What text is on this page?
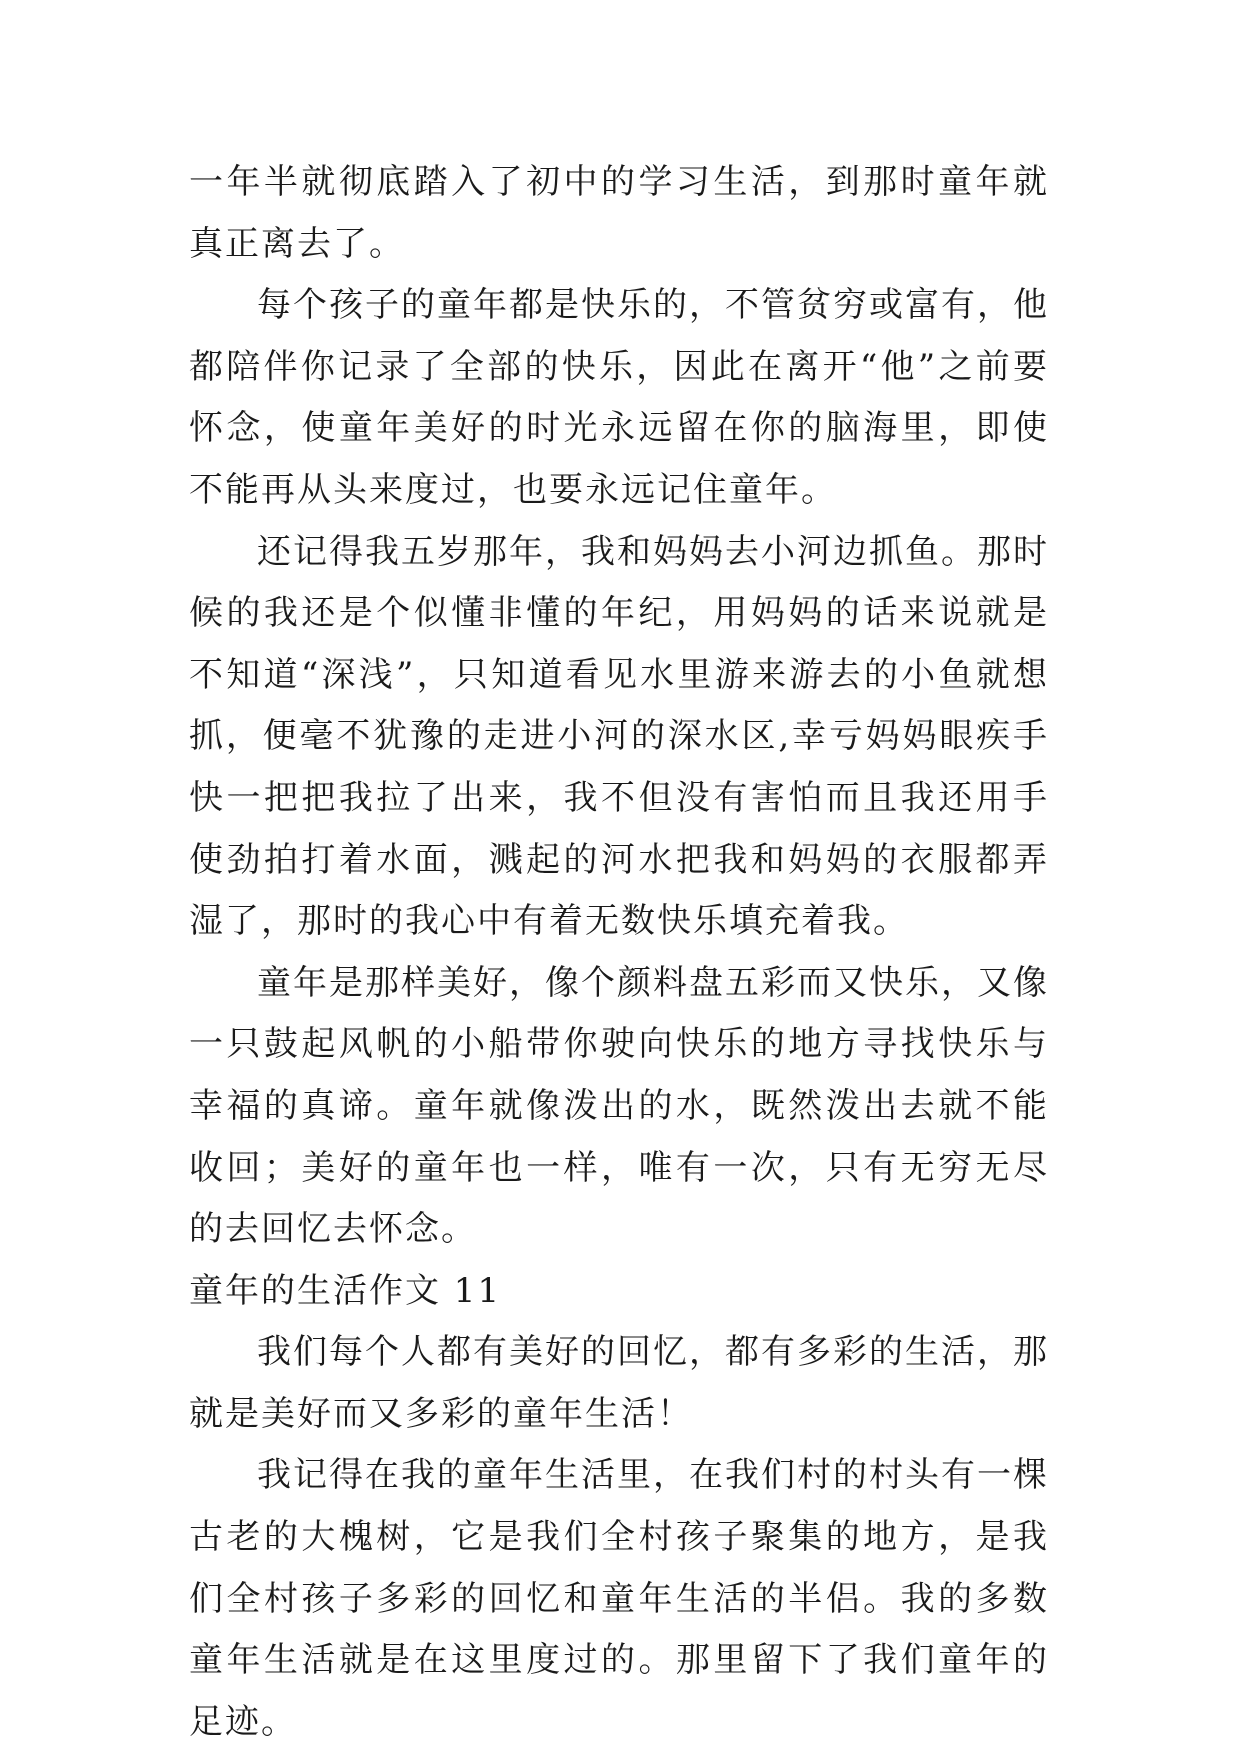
一年半就彻底踏入了初中的学习生活，到那时童年就真正离去了。

每个孩子的童年都是快乐的，不管贫穷或富有，他都陪伴你记录了全部的快乐，因此在离开“他”之前要怀念，使童年美好的时光永远留在你的脑海里，即使不能再从头来度过，也要永远记住童年。

还记得我五岁那年，我和妈妈去小河边抓鱼。那时候的我还是个似懂非懂的年纪，用妈妈的话来说就是不知道“深浅”，只知道看见水里游来游去的小鱼就想抓，便毫不犹豫的走进小河的深水区,幸亏妈妈眼疾手快一把把我拉了出来，我不但没有害怕而且我还用手使劲拍打着水面，溅起的河水把我和妈妈的衣服都弄湿了，那时的我心中有着无数快乐填充着我。

童年是那样美好，像个颜料盘五彩而又快乐，又像一只鼓起风帆的小船带你驶向快乐的地方寻找快乐与幸福的真谛。童年就像泼出的水，既然泼出去就不能收回；美好的童年也一样，唯有一次，只有无穷无尽的去回忆去怀念。

童年的生活作文 11

我们每个人都有美好的回忆，都有多彩的生活，那就是美好而又多彩的童年生活！

我记得在我的童年生活里，在我们村的村头有一棵古老的大槐树，它是我们全村孩子聚集的地方，是我们全村孩子多彩的回忆和童年生活的半侣。我的多数童年生活就是在这里度过的。那里留下了我们童年的足迹。
